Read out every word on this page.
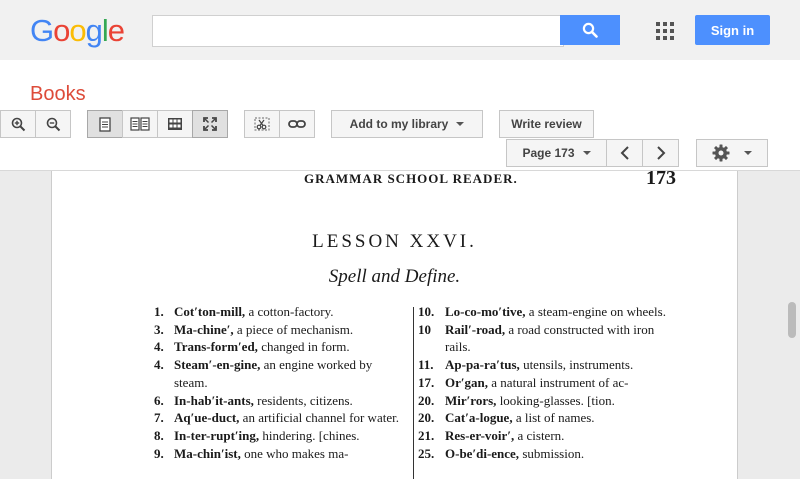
Google	Sign in
Books
Add to my library	Write review
Page 173
GRAMMAR SCHOOL READER.	173
LESSON XXVI.
Spell and Define.
1. Cot′ton-mill, a cotton-factory.
3. Ma-chine′, a piece of mechanism.
4. Trans-form′ed, changed in form.
4. Steam′-en-gine, an engine worked by steam.
6. In-hab′it-ants, residents, citizens.
7. Aq′ue-duct, an artificial channel for water.
8. In-ter-rupt′ing, hindering. [chines.
9. Ma-chin′ist, one who makes ma-
10. Lo-co-mo′tive, a steam-engine on wheels.
10 Rail′-road, a road constructed with iron rails.
11. Ap-pa-ra′tus, utensils, instruments.
17. Or′gan, a natural instrument of ac-
20. Mir′rors, looking-glasses. [tion.
20. Cat′a-logue, a list of names.
21. Res-er-voir′, a cistern.
25. O-be′di-ence, submission.
